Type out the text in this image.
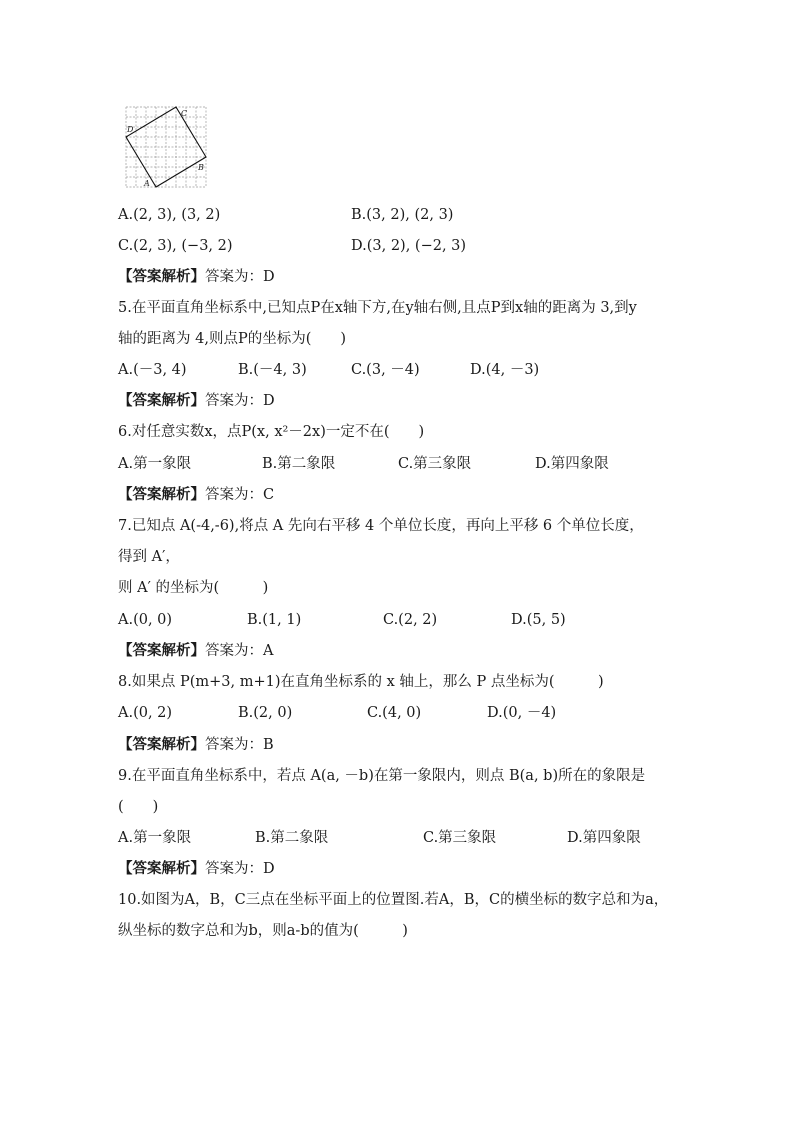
A
B
C
D
A.(2, 3), (3, 2)	B.(3, 2), (2, 3)
C.(2, 3), (−3, 2)	D.(3, 2), (−2, 3)
【答案解析】答案为：D
5.在平面直角坐标系中,已知点P在x轴下方,在y轴右侧,且点P到x轴的距离为 3,到y
轴的距离为 4,则点P的坐标为(　　)
A.(－3, 4)	B.(－4, 3)	C.(3, －4)	D.(4, －3)
【答案解析】答案为：D
6.对任意实数x，点P(x, x²－2x)一定不在(　　)
A.第一象限	B.第二象限	C.第三象限	D.第四象限
【答案解析】答案为：C
7.已知点 A(-4,-6),将点 A 先向右平移 4 个单位长度，再向上平移 6 个单位长度，
得到 A′，
则 A′ 的坐标为(　　　)
A.(0, 0)	B.(1, 1)	C.(2, 2)	D.(5, 5)
【答案解析】答案为：A
8.如果点 P(m+3, m+1)在直角坐标系的 x 轴上，那么 P 点坐标为(　　　)
A.(0, 2)	B.(2, 0)	C.(4, 0)	D.(0, －4)
【答案解析】答案为：B
9.在平面直角坐标系中，若点 A(a, －b)在第一象限内，则点 B(a, b)所在的象限是
(　　)
A.第一象限	B.第二象限	C.第三象限	D.第四象限
【答案解析】答案为：D
10.如图为A，B，C三点在坐标平面上的位置图.若A，B，C的横坐标的数字总和为a，
纵坐标的数字总和为b，则a-b的值为(　　　)
